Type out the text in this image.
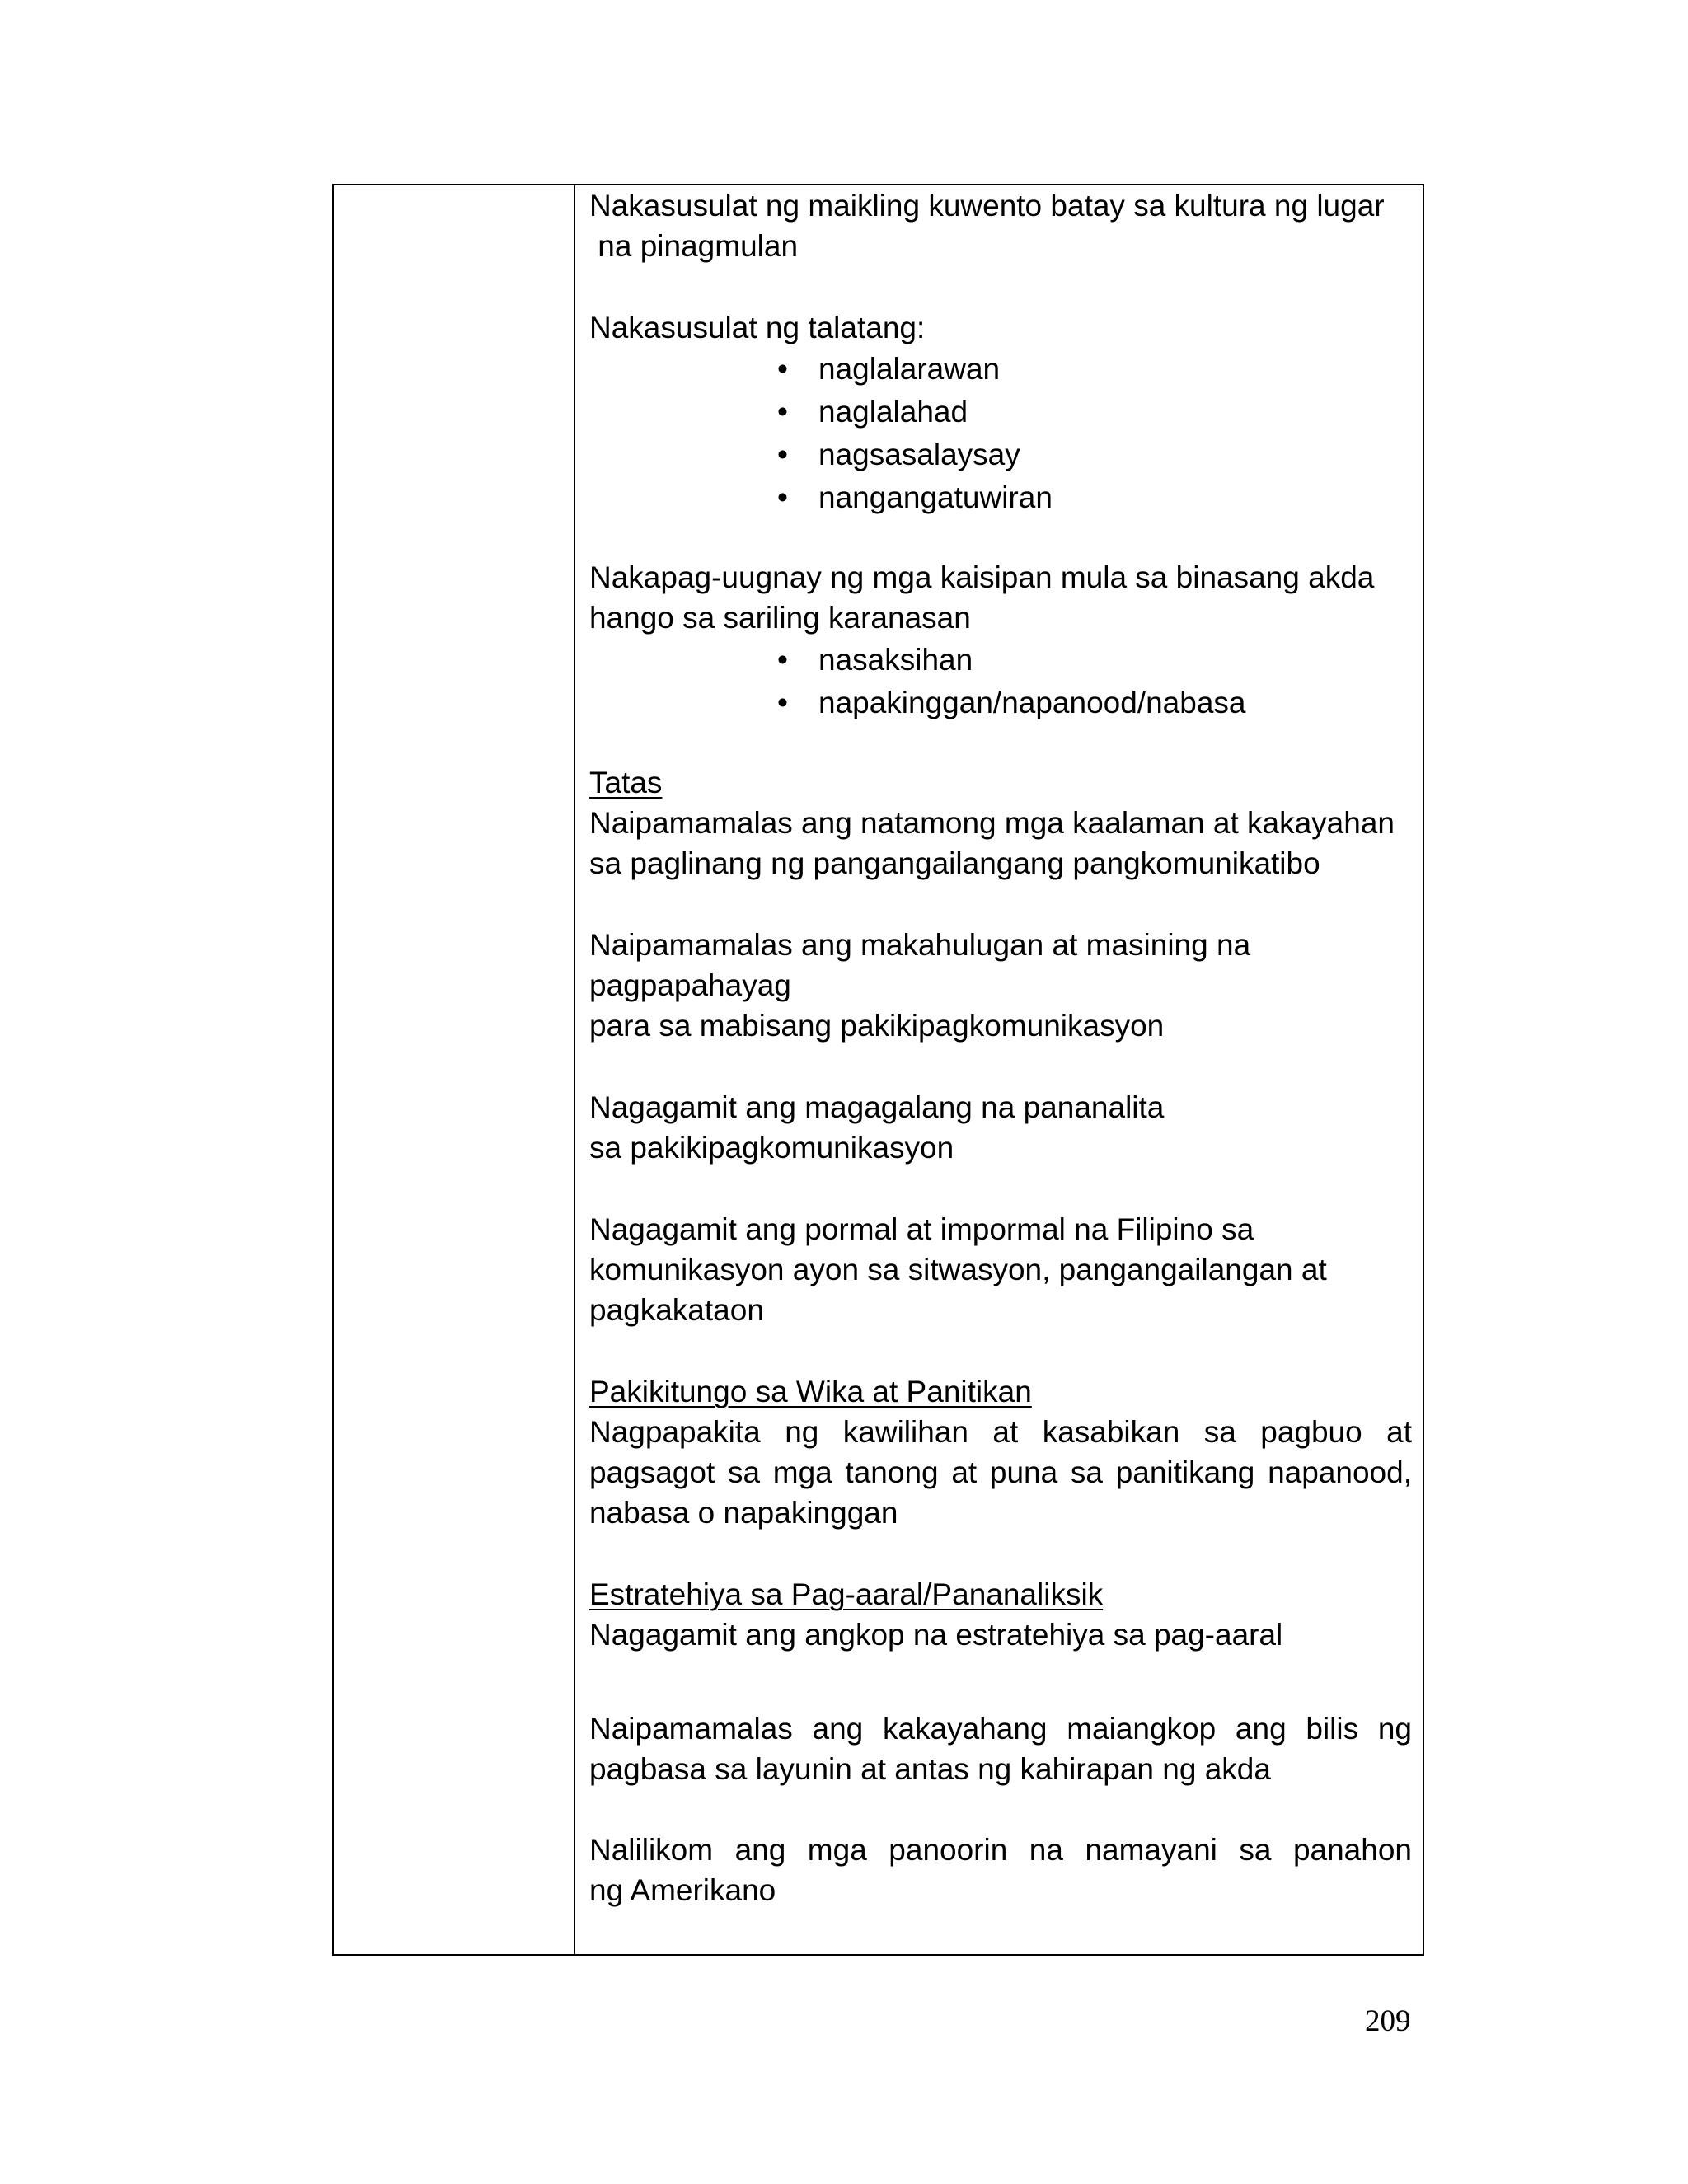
Nakasusulat ng maikling kuwento batay sa kultura ng lugar
na pinagmulan
Nakasusulat ng talatang:
• naglalarawan
• naglalahad
• nagsasalaysay
• nangangatuwiran
Nakapag-uugnay ng mga kaisipan mula sa binasang akda
hango sa sariling karanasan
• nasaksihan
• napakinggan/napanood/nabasa
Tatas
Naipamamalas ang natamong mga kaalaman at kakayahan
sa paglinang ng pangangailangang pangkomunikatibo
Naipamamalas ang makahulugan at masining na
pagpapahayag
para sa mabisang pakikipagkomunikasyon
Nagagamit ang magagalang na pananalita
sa pakikipagkomunikasyon
Nagagamit ang pormal at impormal na Filipino sa
komunikasyon ayon sa sitwasyon, pangangailangan at
pagkakataon
Pakikitungo sa Wika at Panitikan
Nagpapakita ng kawilihan at kasabikan sa pagbuo at
pagsagot sa mga tanong at puna sa panitikang napanood,
nabasa o napakinggan
Estratehiya sa Pag-aaral/Pananaliksik
Nagagamit ang angkop na estratehiya sa pag-aaral
Naipamamalas ang kakayahang maiangkop ang bilis ng
pagbasa sa layunin at antas ng kahirapan ng akda
Nalilikom ang mga panoorin na namayani sa panahon
ng Amerikano
209
